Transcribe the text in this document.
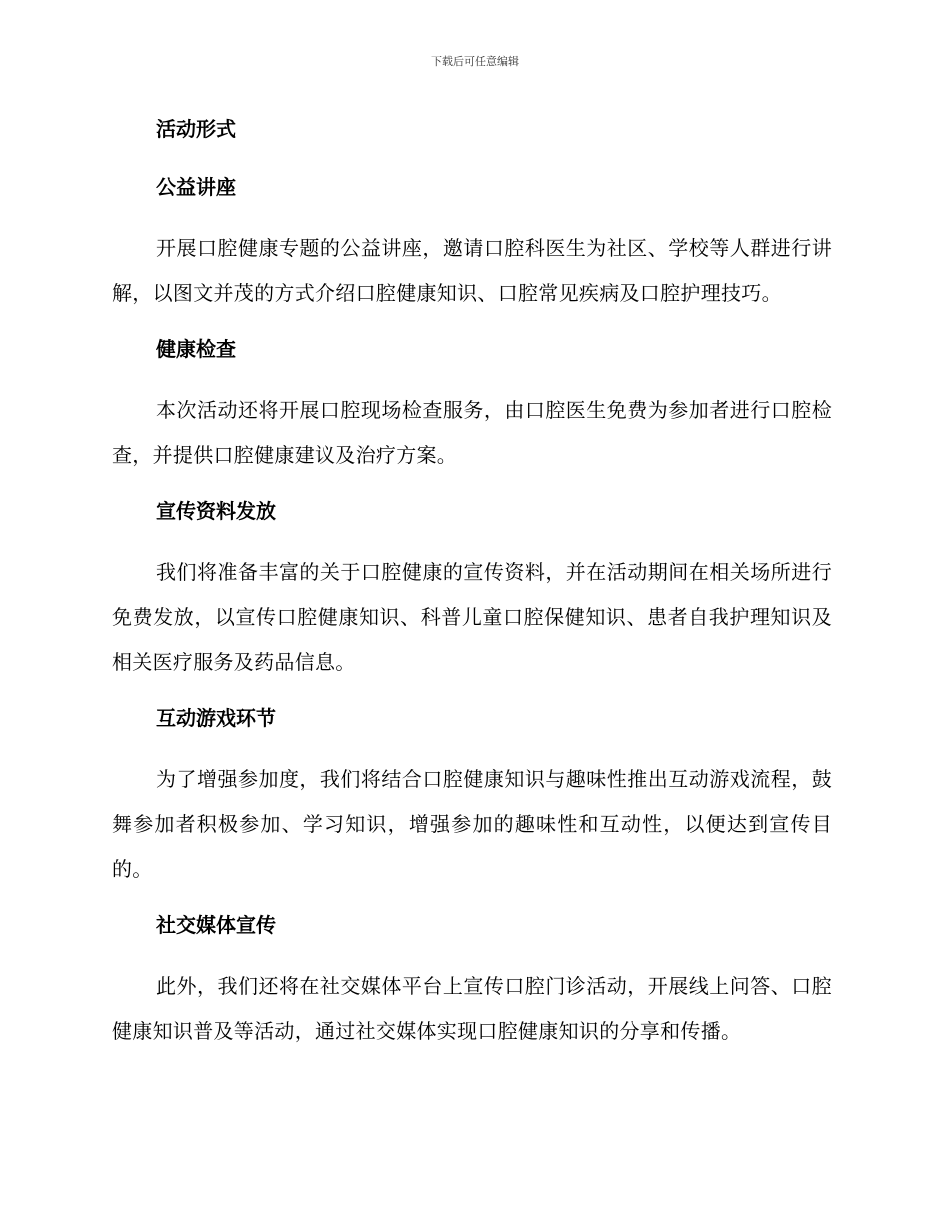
下载后可任意编辑
活动形式
公益讲座

开展口腔健康专题的公益讲座，邀请口腔科医生为社区、学校等人群进行讲解，以图文并茂的方式介绍口腔健康知识、口腔常见疾病及口腔护理技巧。

健康检查

本次活动还将开展口腔现场检查服务，由口腔医生免费为参加者进行口腔检查，并提供口腔健康建议及治疗方案。

宣传资料发放

我们将准备丰富的关于口腔健康的宣传资料，并在活动期间在相关场所进行免费发放，以宣传口腔健康知识、科普儿童口腔保健知识、患者自我护理知识及相关医疗服务及药品信息。

互动游戏环节

为了增强参加度，我们将结合口腔健康知识与趣味性推出互动游戏流程，鼓舞参加者积极参加、学习知识，增强参加的趣味性和互动性，以便达到宣传目的。

社交媒体宣传

此外，我们还将在社交媒体平台上宣传口腔门诊活动，开展线上问答、口腔健康知识普及等活动，通过社交媒体实现口腔健康知识的分享和传播。
